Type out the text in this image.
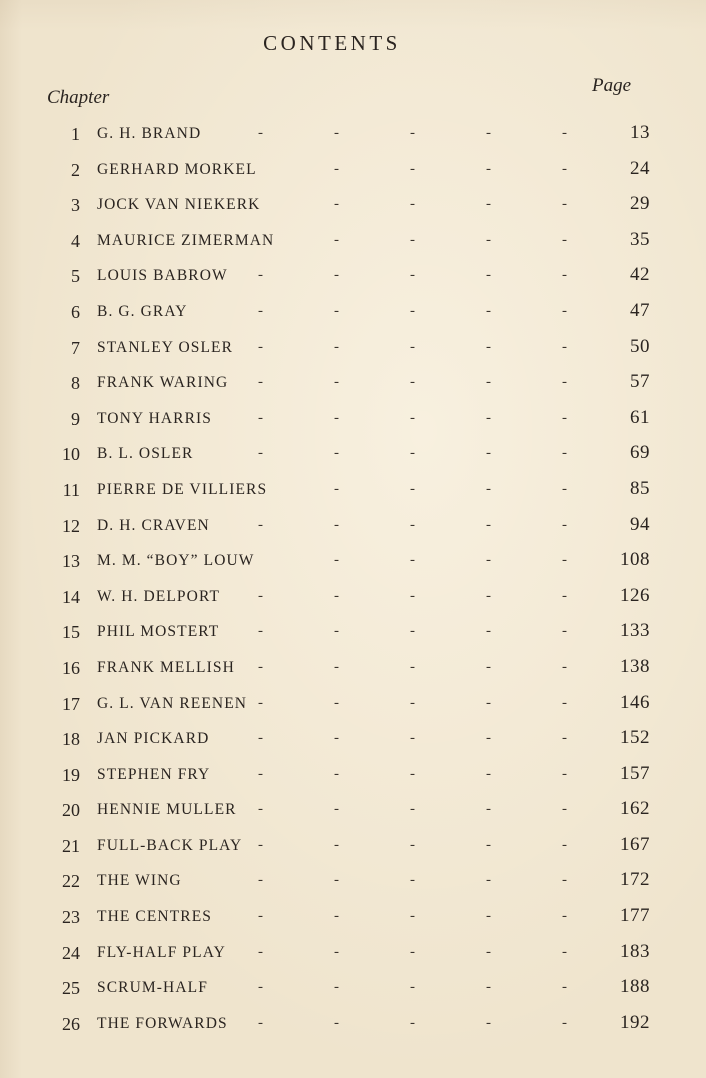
CONTENTS
Chapter
Page
1 G. H. BRAND	-	-	-	-	-	13
2 GERHARD MORKEL	-	-	-	-	24
3 JOCK VAN NIEKERK	-	-	-	-	29
4 MAURICE ZIMERMAN	-	-	-	-	35
5 LOUIS BABROW -	-	-	-	-	42
6 B. G. GRAY	-	-	-	-	-	47
7 STANLEY OSLER -	-	-	-	-	50
8 FRANK WARING -	-	-	-	-	57
9 TONY HARRIS	-	-	-	-	-	61
10 B. L. OSLER	-	-	-	-	-	69
11 PIERRE DE VILLIERS	-	-	-	-	85
12 D. H. CRAVEN	-	-	-	-	-	94
13 M. M. “BOY” LOUW	-	-	-	-	108
14 W. H. DELPORT	-	-	-	-	-	126
15 PHIL MOSTERT	-	-	-	-	-	133
16 FRANK MELLISH -	-	-	-	-	138
17 G. L. VAN REENEN -	-	-	-	-	146
18 JAN PICKARD	-	-	-	-	-	152
19 STEPHEN FRY	-	-	-	-	-	157
20 HENNIE MULLER -	-	-	-	-	162
21 FULL-BACK PLAY -	-	-	-	-	167
22 THE WING	-	-	-	-	-	172
23 THE CENTRES	-	-	-	-	-	177
24 FLY-HALF PLAY -	-	-	-	-	183
25 SCRUM-HALF	-	-	-	-	-	188
26 THE FORWARDS -	-	-	-	-	192
